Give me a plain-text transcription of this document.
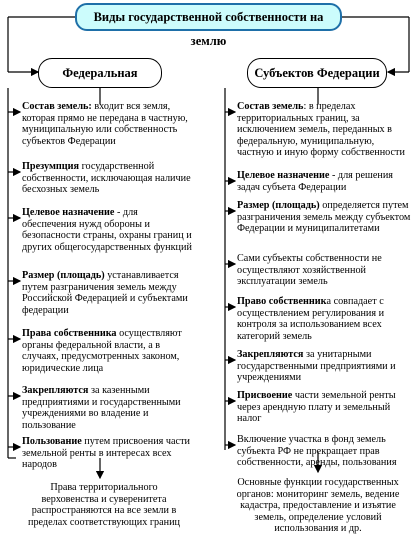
Виды государственной собственности на землю
Федеральная	Субъектов Федерации
Состав земель: входит вся земля, которая прямо не передана в частную, муниципальную или собственность субъектов Федерации
Презумпция государственной собственности, исключающая наличие бесхозных земель
Целевое назначение - для обеспечения нужд обороны и безопасности страны, охраны границ и других общегосударственных функций
Размер (площадь) устанавливается путем разграничения земель между Российской Федерацией и субъектами федерации
Права собственника осуществляют органы федеральной власти, а в случаях, предусмотренных законом, юридические лица
Закрепляются за казенными предприятиями и государственными учреждениями во владение и пользование
Пользование путем присвоения части земельной ренты в интересах всех народов
Состав земель: в пределах территориальных границ, за исключением земель, переданных в федеральную, муниципальную, частную и иную форму собственности
Целевое назначение - для решения задач субъета Федерации
Размер (площадь) определяется путем разграничения земель между субъектом Федерации и муниципалитетами
Сами субъекты собственности не осуществляют хозяйственной эксплуатации земель
Право собственника совпадает с осуществлением регулирования и контроля за использованием всех категорий земель
Закрепляются за унитарными государственными предприятиями и учреждениями
Присвоение части земельной ренты через арендную плату и земельный налог
Включение участка в фонд земель субъекта РФ не прекращает прав собственности, аренды, пользования
Права территориального верховенства и суверенитета распространяются на все земли в пределах соответствующих границ
Основные функции государственных органов: мониторинг земель, ведение кадастра, предоставление и изъятие земель, определение условий использования и др.
